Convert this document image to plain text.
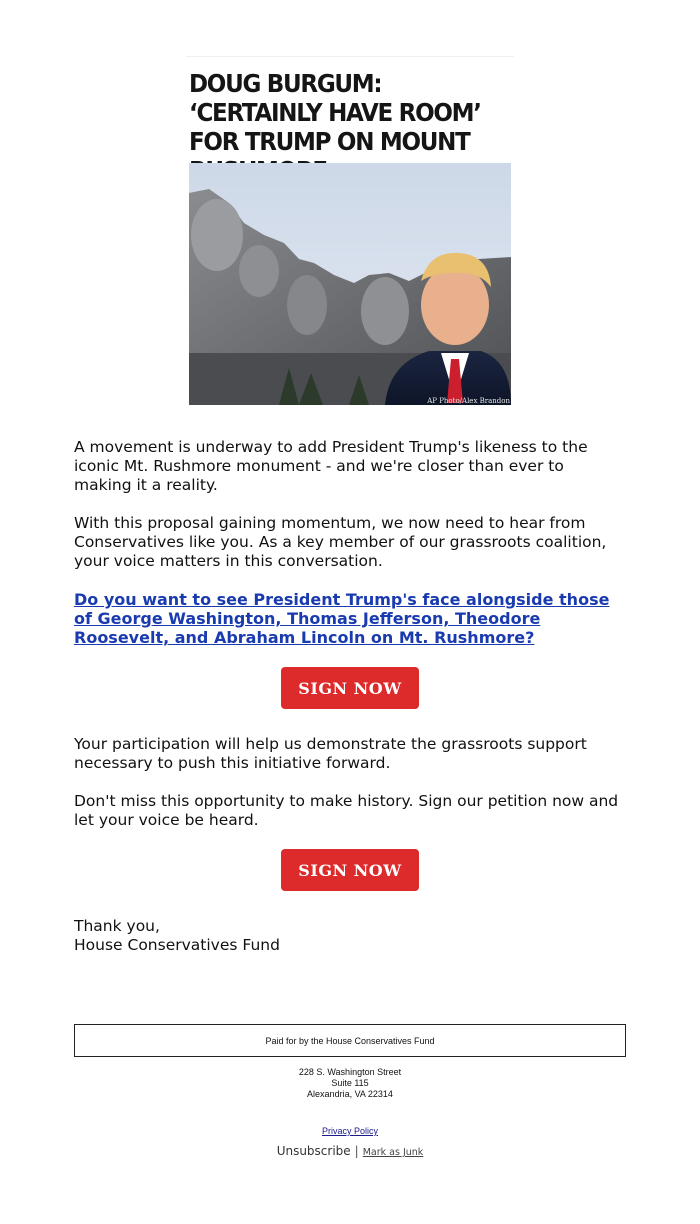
DOUG BURGUM: ‘CERTAINLY HAVE ROOM’ FOR TRUMP ON MOUNT
AP Photo/Alex Brandon

A movement is underway to add President Trump's likeness to the iconic Mt. Rushmore monument - and we're closer than ever to making it a reality.

With this proposal gaining momentum, we now need to hear from Conservatives like you. As a key member of our grassroots coalition, your voice matters in this conversation.

Do you want to see President Trump's face alongside those of George Washington, Thomas Jefferson, Theodore Roosevelt, and Abraham Lincoln on Mt. Rushmore?
SIGN NOW

Your participation will help us demonstrate the grassroots support necessary to push this initiative forward.

Don't miss this opportunity to make history. Sign our petition now and let your voice be heard.

SIGN NOW

Thank you,

House Conservatives Fund

Paid for by the House Conservatives Fund
228 S. Washington Street
Suite 115
Alexandria, VA 22314
Privacy Policy
Unsubscribe | Mark as Junk
